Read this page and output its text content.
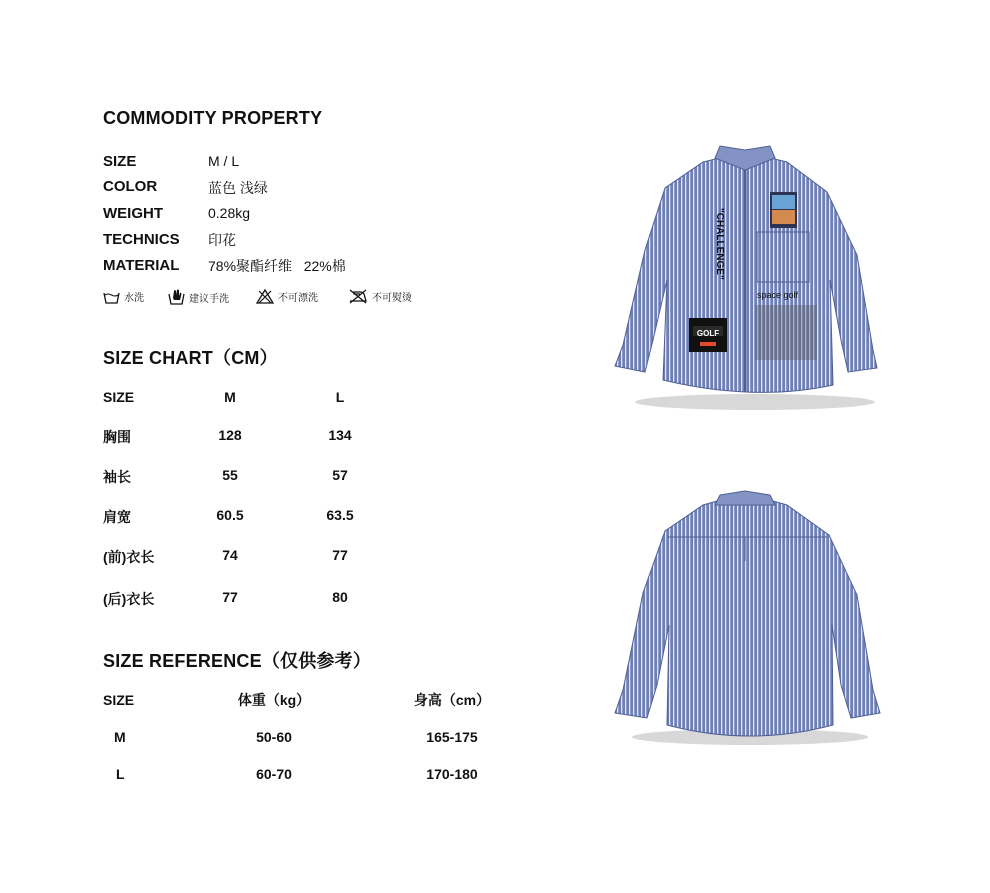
COMMODITY PROPERTY
SIZE	M / L
COLOR	蓝色 浅绿
WEIGHT	0.28kg
TECHNICS 印花
MATERIAL 78%聚酯纤维   22%棉
水洗	建议手洗	不可漂洗	不可熨烫
SIZE CHART（CM）
SIZE	M	L
胸围	128	134
袖长	55	57
肩宽	60.5	63.5
(前)衣长	74	77
(后)衣长	77	80
SIZE REFERENCE（仅供参考）
SIZE	体重（kg）	身高（cm）
M	50-60	165-175
L	60-70	170-180
GOLF
"CHALLENGE"
space golf
